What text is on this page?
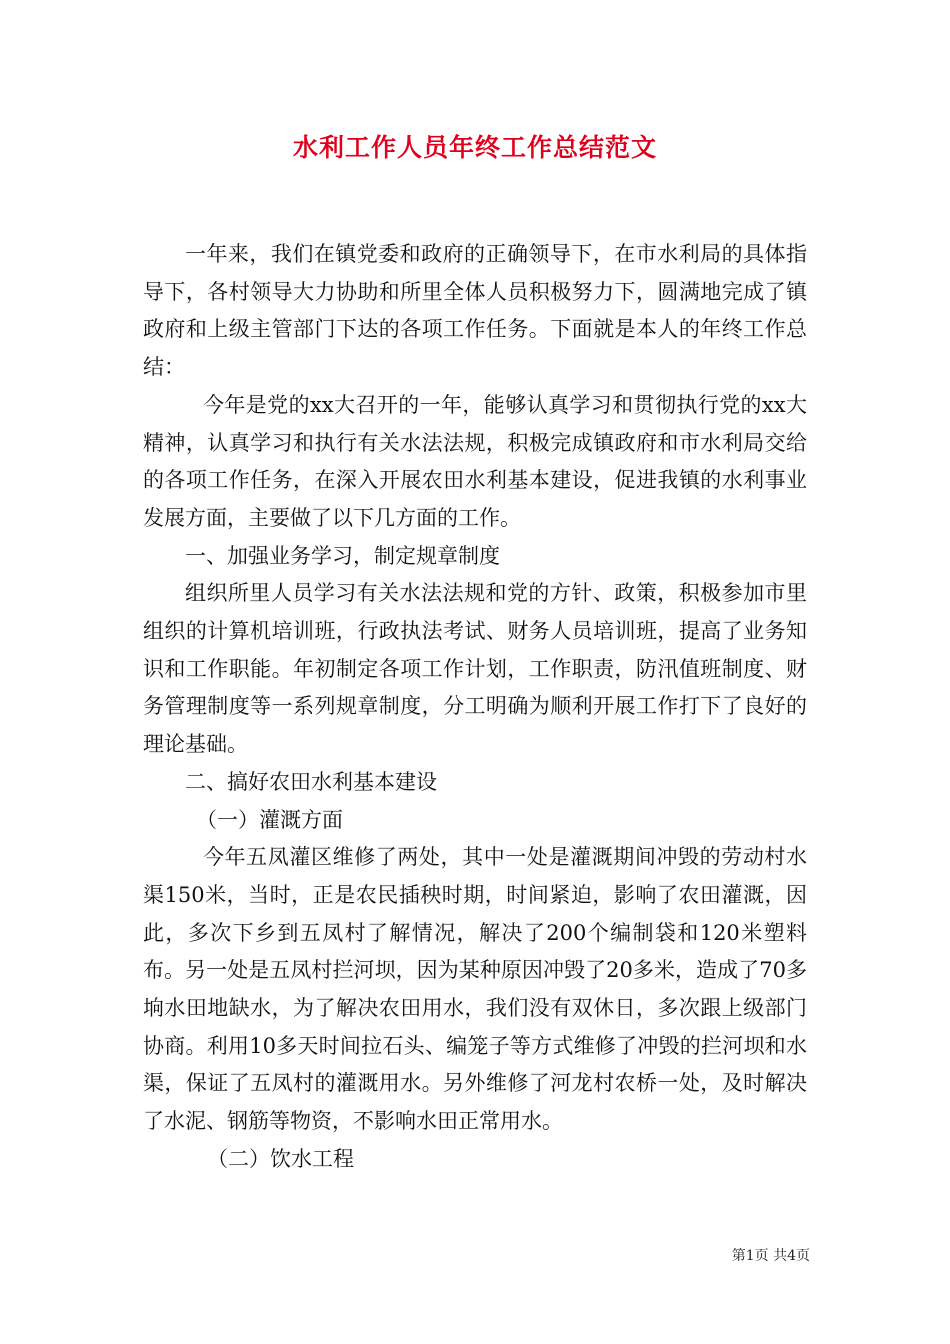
水利工作人员年终工作总结范文

一年来，我们在镇党委和政府的正确领导下，在市水利局的具体指导下，各村领导大力协助和所里全体人员积极努力下，圆满地完成了镇政府和上级主管部门下达的各项工作任务。下面就是本人的年终工作总结：

今年是党的xx大召开的一年，能够认真学习和贯彻执行党的xx大精神，认真学习和执行有关水法法规，积极完成镇政府和市水利局交给的各项工作任务，在深入开展农田水利基本建设，促进我镇的水利事业发展方面，主要做了以下几方面的工作。

一、加强业务学习，制定规章制度

组织所里人员学习有关水法法规和党的方针、政策，积极参加市里组织的计算机培训班，行政执法考试、财务人员培训班，提高了业务知识和工作职能。年初制定各项工作计划，工作职责，防汛值班制度、财务管理制度等一系列规章制度，分工明确为顺利开展工作打下了良好的理论基础。

二、搞好农田水利基本建设

（一）灌溉方面

今年五凤灌区维修了两处，其中一处是灌溉期间冲毁的劳动村水渠150米，当时，正是农民插秧时期，时间紧迫，影响了农田灌溉，因此，多次下乡到五凤村了解情况，解决了200个编制袋和120米塑料布。另一处是五凤村拦河坝，因为某种原因冲毁了20多米，造成了70多垧水田地缺水，为了解决农田用水，我们没有双休日，多次跟上级部门协商。利用10多天时间拉石头、编笼子等方式维修了冲毁的拦河坝和水渠，保证了五凤村的灌溉用水。另外维修了河龙村农桥一处，及时解决了水泥、钢筋等物资，不影响水田正常用水。

（二）饮水工程

第1页 共4页
